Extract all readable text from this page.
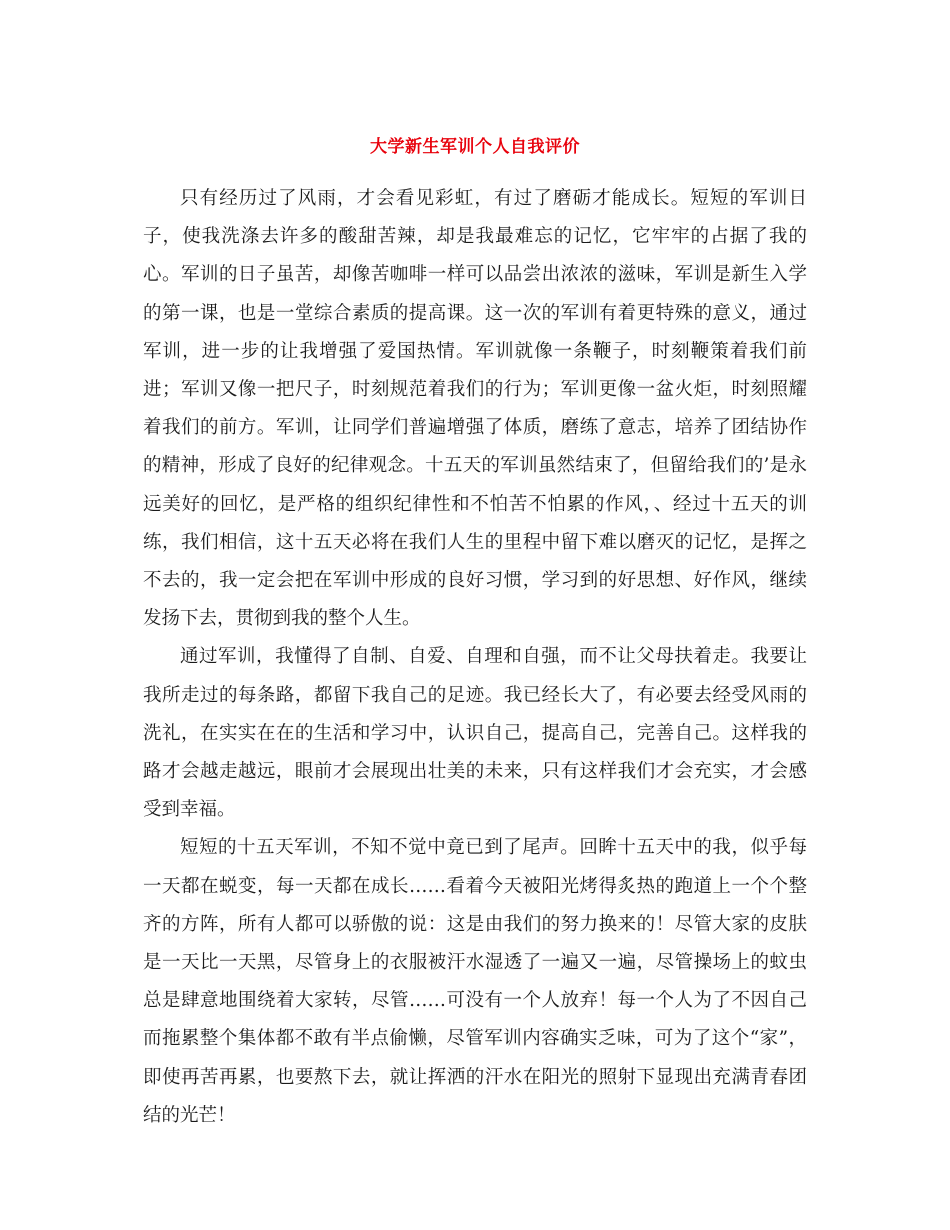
大学新生军训个人自我评价

只有经历过了风雨，才会看见彩虹，有过了磨砺才能成长。短短的军训日子，使我洗涤去许多的酸甜苦辣，却是我最难忘的记忆，它牢牢的占据了我的心。军训的日子虽苦，却像苦咖啡一样可以品尝出浓浓的滋味，军训是新生入学的第一课，也是一堂综合素质的提高课。这一次的军训有着更特殊的意义，通过军训，进一步的让我增强了爱国热情。军训就像一条鞭子，时刻鞭策着我们前进；军训又像一把尺子，时刻规范着我们的行为；军训更像一盆火炬，时刻照耀着我们的前方。军训，让同学们普遍增强了体质，磨练了意志，培养了团结协作的精神，形成了良好的纪律观念。十五天的军训虽然结束了，但留给我们的’是永远美好的回忆，是严格的组织纪律性和不怕苦不怕累的作风，、经过十五天的训练，我们相信，这十五天必将在我们人生的里程中留下难以磨灭的记忆，是挥之不去的，我一定会把在军训中形成的良好习惯，学习到的好思想、好作风，继续发扬下去，贯彻到我的整个人生。

通过军训，我懂得了自制、自爱、自理和自强，而不让父母扶着走。我要让我所走过的每条路，都留下我自己的足迹。我已经长大了，有必要去经受风雨的洗礼，在实实在在的生活和学习中，认识自己，提高自己，完善自己。这样我的路才会越走越远，眼前才会展现出壮美的未来，只有这样我们才会充实，才会感受到幸福。

短短的十五天军训，不知不觉中竟已到了尾声。回眸十五天中的我，似乎每一天都在蜕变，每一天都在成长……看着今天被阳光烤得炙热的跑道上一个个整齐的方阵，所有人都可以骄傲的说：这是由我们的努力换来的！尽管大家的皮肤是一天比一天黑，尽管身上的衣服被汗水湿透了一遍又一遍，尽管操场上的蚊虫总是肆意地围绕着大家转，尽管……可没有一个人放弃！每一个人为了不因自己而拖累整个集体都不敢有半点偷懒，尽管军训内容确实乏味，可为了这个“家”，即使再苦再累，也要熬下去，就让挥洒的汗水在阳光的照射下显现出充满青春团结的光芒！
